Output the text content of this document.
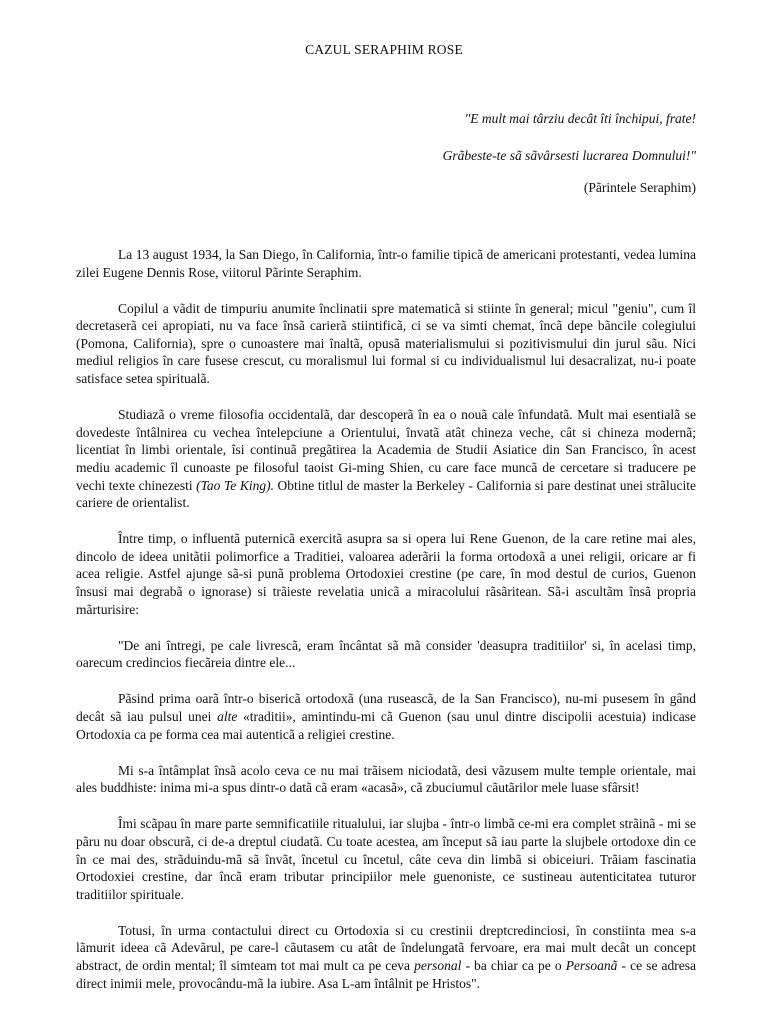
CAZUL SERAPHIM ROSE
"E mult mai târziu decât îti închipui, frate!
Grãbeste-te sã sãvârsesti lucrarea Domnului!"
(Pãrintele Seraphim)

La 13 august 1934, la San Diego, în California, într-o familie tipicã de americani protestanti, vedea lumina zilei Eugene Dennis Rose, viitorul Pãrinte Seraphim.

Copilul a vãdit de timpuriu anumite înclinatii spre matematicã si stiinte în general; micul "geniu", cum îl decretaserã cei apropiati, nu va face însã carierã stiintificã, ci se va simti chemat, încã depe bãncile colegiului (Pomona, California), spre o cunoastere mai înaltã, opusã materialismului si pozitivismului din jurul sãu. Nici mediul religios în care fusese crescut, cu moralismul lui formal si cu individualismul lui desacralizat, nu-i poate satisface setea spiritualã.

Studiazã o vreme filosofia occidentalã, dar descoperã în ea o nouã cale înfundatã. Mult mai esentialã se dovedeste întâlnirea cu vechea întelepciune a Orientului, învatã atât chineza veche, cât si chineza modernã; licentiat în limbi orientale, îsi continuã pregãtirea la Academia de Studii Asiatice din San Francisco, în acest mediu academic îl cunoaste pe filosoful taoist Gi-ming Shien, cu care face muncã de cercetare si traducere pe vechi texte chinezesti (Tao Te King). Obtine titlul de master la Berkeley - California si pare destinat unei strãlucite cariere de orientalist.

Între timp, o influentã puternicã exercitã asupra sa si opera lui Rene Guenon, de la care retine mai ales, dincolo de ideea unitãtii polimorfice a Traditiei, valoarea aderãrii la forma ortodoxã a unei religii, oricare ar fi acea religie. Astfel ajunge sã-si punã problema Ortodoxiei crestine (pe care, în mod destul de curios, Guenon însusi mai degrabã o ignorase) si trãieste revelatia unicã a miracolului rãsãritean. Sã-i ascultãm însã propria mãrturisire:

"De ani întregi, pe cale livrescã, eram încântat sã mã consider 'deasupra traditiilor' si, în acelasi timp, oarecum credincios fiecãreia dintre ele...

Pãsind prima oarã într-o bisericã ortodoxã (una ruseascã, de la San Francisco), nu-mi pusesem în gând decât sã iau pulsul unei alte «traditii», amintindu-mi cã Guenon (sau unul dintre discipolii acestuia) indicase Ortodoxia ca pe forma cea mai autenticã a religiei crestine.

Mi s-a întâmplat însã acolo ceva ce nu mai trãisem niciodatã, desi vãzusem multe temple orientale, mai ales buddhiste: inima mi-a spus dintr-o datã cã eram «acasã», cã zbuciumul cãutãrilor mele luase sfârsit!

Îmi scãpau în mare parte semnificatiile ritualului, iar slujba - într-o limbã ce-mi era complet strãinã - mi se pãru nu doar obscurã, ci de-a dreptul ciudatã. Cu toate acestea, am început sã iau parte la slujbele ortodoxe din ce în ce mai des, strãduindu-mã sã învãt, încetul cu încetul, câte ceva din limbã si obiceiuri. Trãiam fascinatia Ortodoxiei crestine, dar încã eram tributar principiilor mele guenoniste, ce sustineau autenticitatea tuturor traditiilor spirituale.

Totusi, în urma contactului direct cu Ortodoxia si cu crestinii dreptcredinciosi, în constiinta mea s-a lãmurit ideea cã Adevãrul, pe care-l cãutasem cu atât de îndelungatã fervoare, era mai mult decât un concept abstract, de ordin mental; îl simteam tot mai mult ca pe ceva personal - ba chiar ca pe o Persoanã - ce se adresa direct inimii mele, provocându-mã la iubire. Asa L-am întâlnit pe Hristos".
